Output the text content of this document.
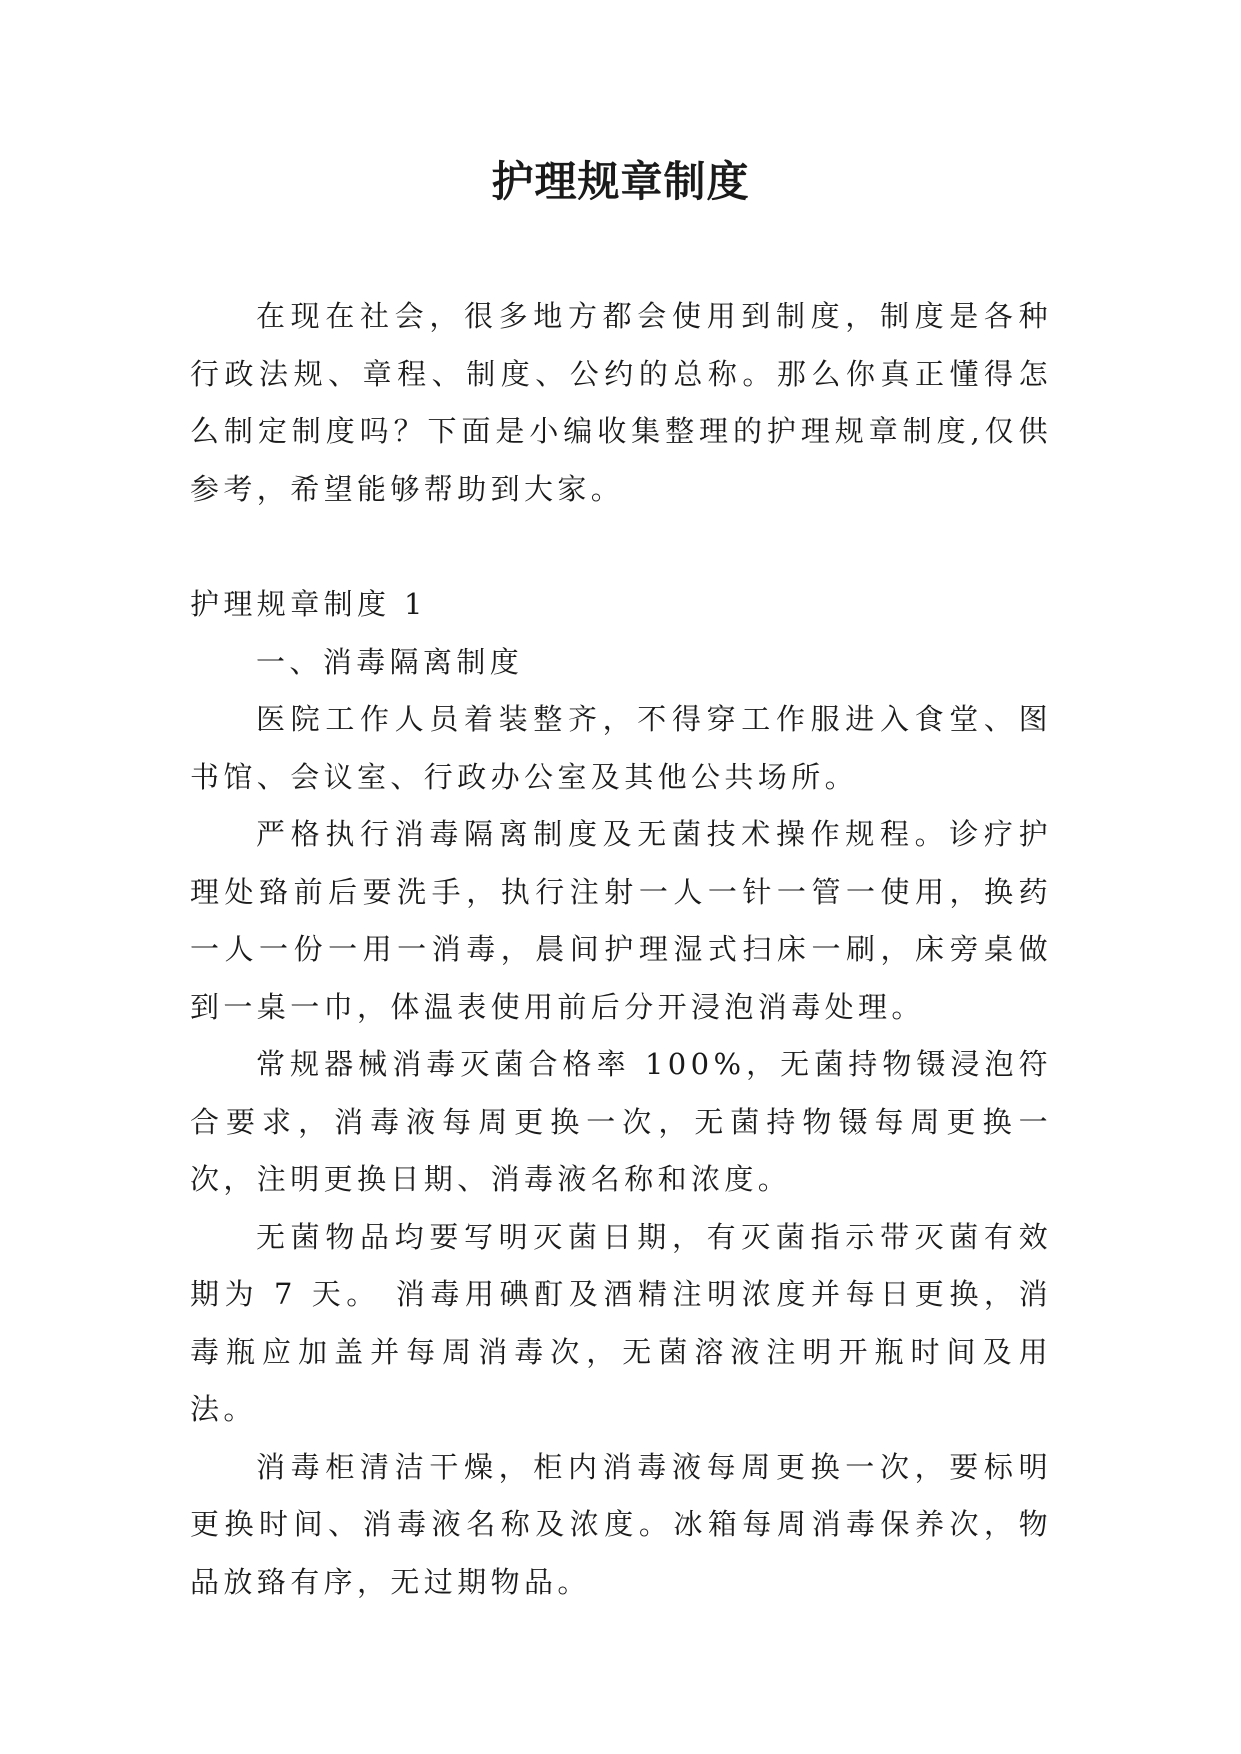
护理规章制度

在现在社会，很多地方都会使用到制度，制度是各种行政法规、章程、制度、公约的总称。那么你真正懂得怎么制定制度吗？下面是小编收集整理的护理规章制度,仅供参考，希望能够帮助到大家。

护理规章制度 1

一、消毒隔离制度

医院工作人员着装整齐，不得穿工作服进入食堂、图书馆、会议室、行政办公室及其他公共场所。

严格执行消毒隔离制度及无菌技术操作规程。诊疗护理处臵前后要洗手，执行注射一人一针一管一使用，换药一人一份一用一消毒，晨间护理湿式扫床一刷，床旁桌做到一桌一巾，体温表使用前后分开浸泡消毒处理。

常规器械消毒灭菌合格率 100%，无菌持物镊浸泡符合要求，消毒液每周更换一次，无菌持物镊每周更换一次，注明更换日期、消毒液名称和浓度。

无菌物品均要写明灭菌日期，有灭菌指示带灭菌有效期为 7 天。 消毒用碘酊及酒精注明浓度并每日更换，消毒瓶应加盖并每周消毒次，无菌溶液注明开瓶时间及用法。

消毒柜清洁干燥，柜内消毒液每周更换一次，要标明更换时间、消毒液名称及浓度。冰箱每周消毒保养次，物品放臵有序，无过期物品。
